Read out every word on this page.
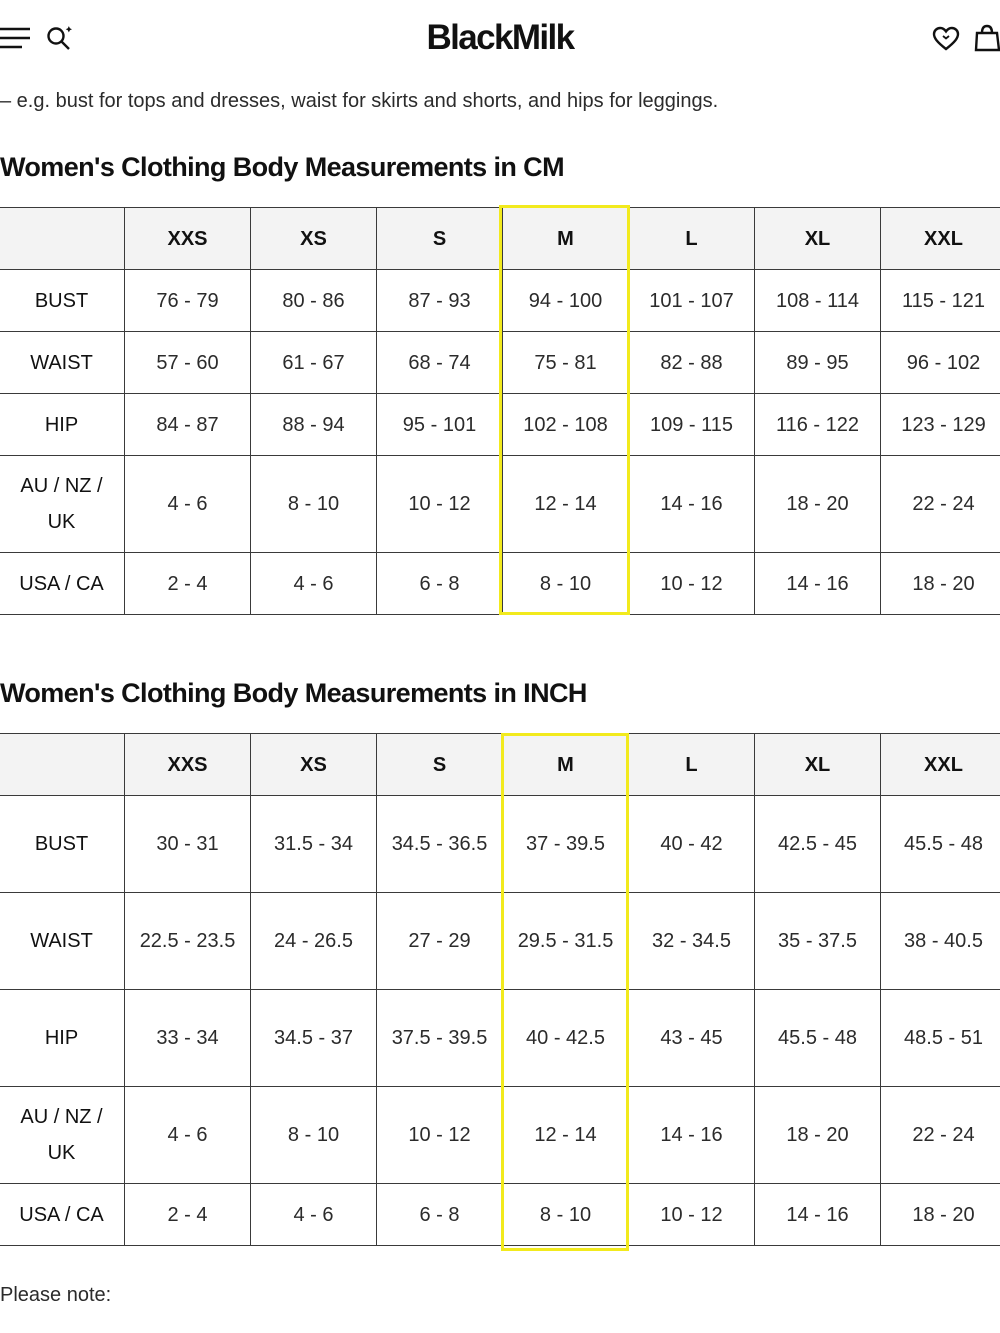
BlackMilk
– e.g. bust for tops and dresses, waist for skirts and shorts, and hips for leggings.
Women's Clothing Body Measurements in CM
	XXS	XS	S	M	L	XL	XXL
BUST	76 - 79	80 - 86	87 - 93	94 - 100	101 - 107	108 - 114	115 - 121
WAIST	57 - 60	61 - 67	68 - 74	75 - 81	82 - 88	89 - 95	96 - 102
HIP	84 - 87	88 - 94	95 - 101	102 - 108	109 - 115	116 - 122	123 - 129
AU / NZ / UK	4 - 6	8 - 10	10 - 12	12 - 14	14 - 16	18 - 20	22 - 24
USA / CA	2 - 4	4 - 6	6 - 8	8 - 10	10 - 12	14 - 16	18 - 20
Women's Clothing Body Measurements in INCH
	XXS	XS	S	M	L	XL	XXL
BUST	30 - 31	31.5 - 34	34.5 - 36.5	37 - 39.5	40 - 42	42.5 - 45	45.5 - 48
WAIST	22.5 - 23.5	24 - 26.5	27 - 29	29.5 - 31.5	32 - 34.5	35 - 37.5	38 - 40.5
HIP	33 - 34	34.5 - 37	37.5 - 39.5	40 - 42.5	43 - 45	45.5 - 48	48.5 - 51
AU / NZ / UK	4 - 6	8 - 10	10 - 12	12 - 14	14 - 16	18 - 20	22 - 24
USA / CA	2 - 4	4 - 6	6 - 8	8 - 10	10 - 12	14 - 16	18 - 20
Please note:
